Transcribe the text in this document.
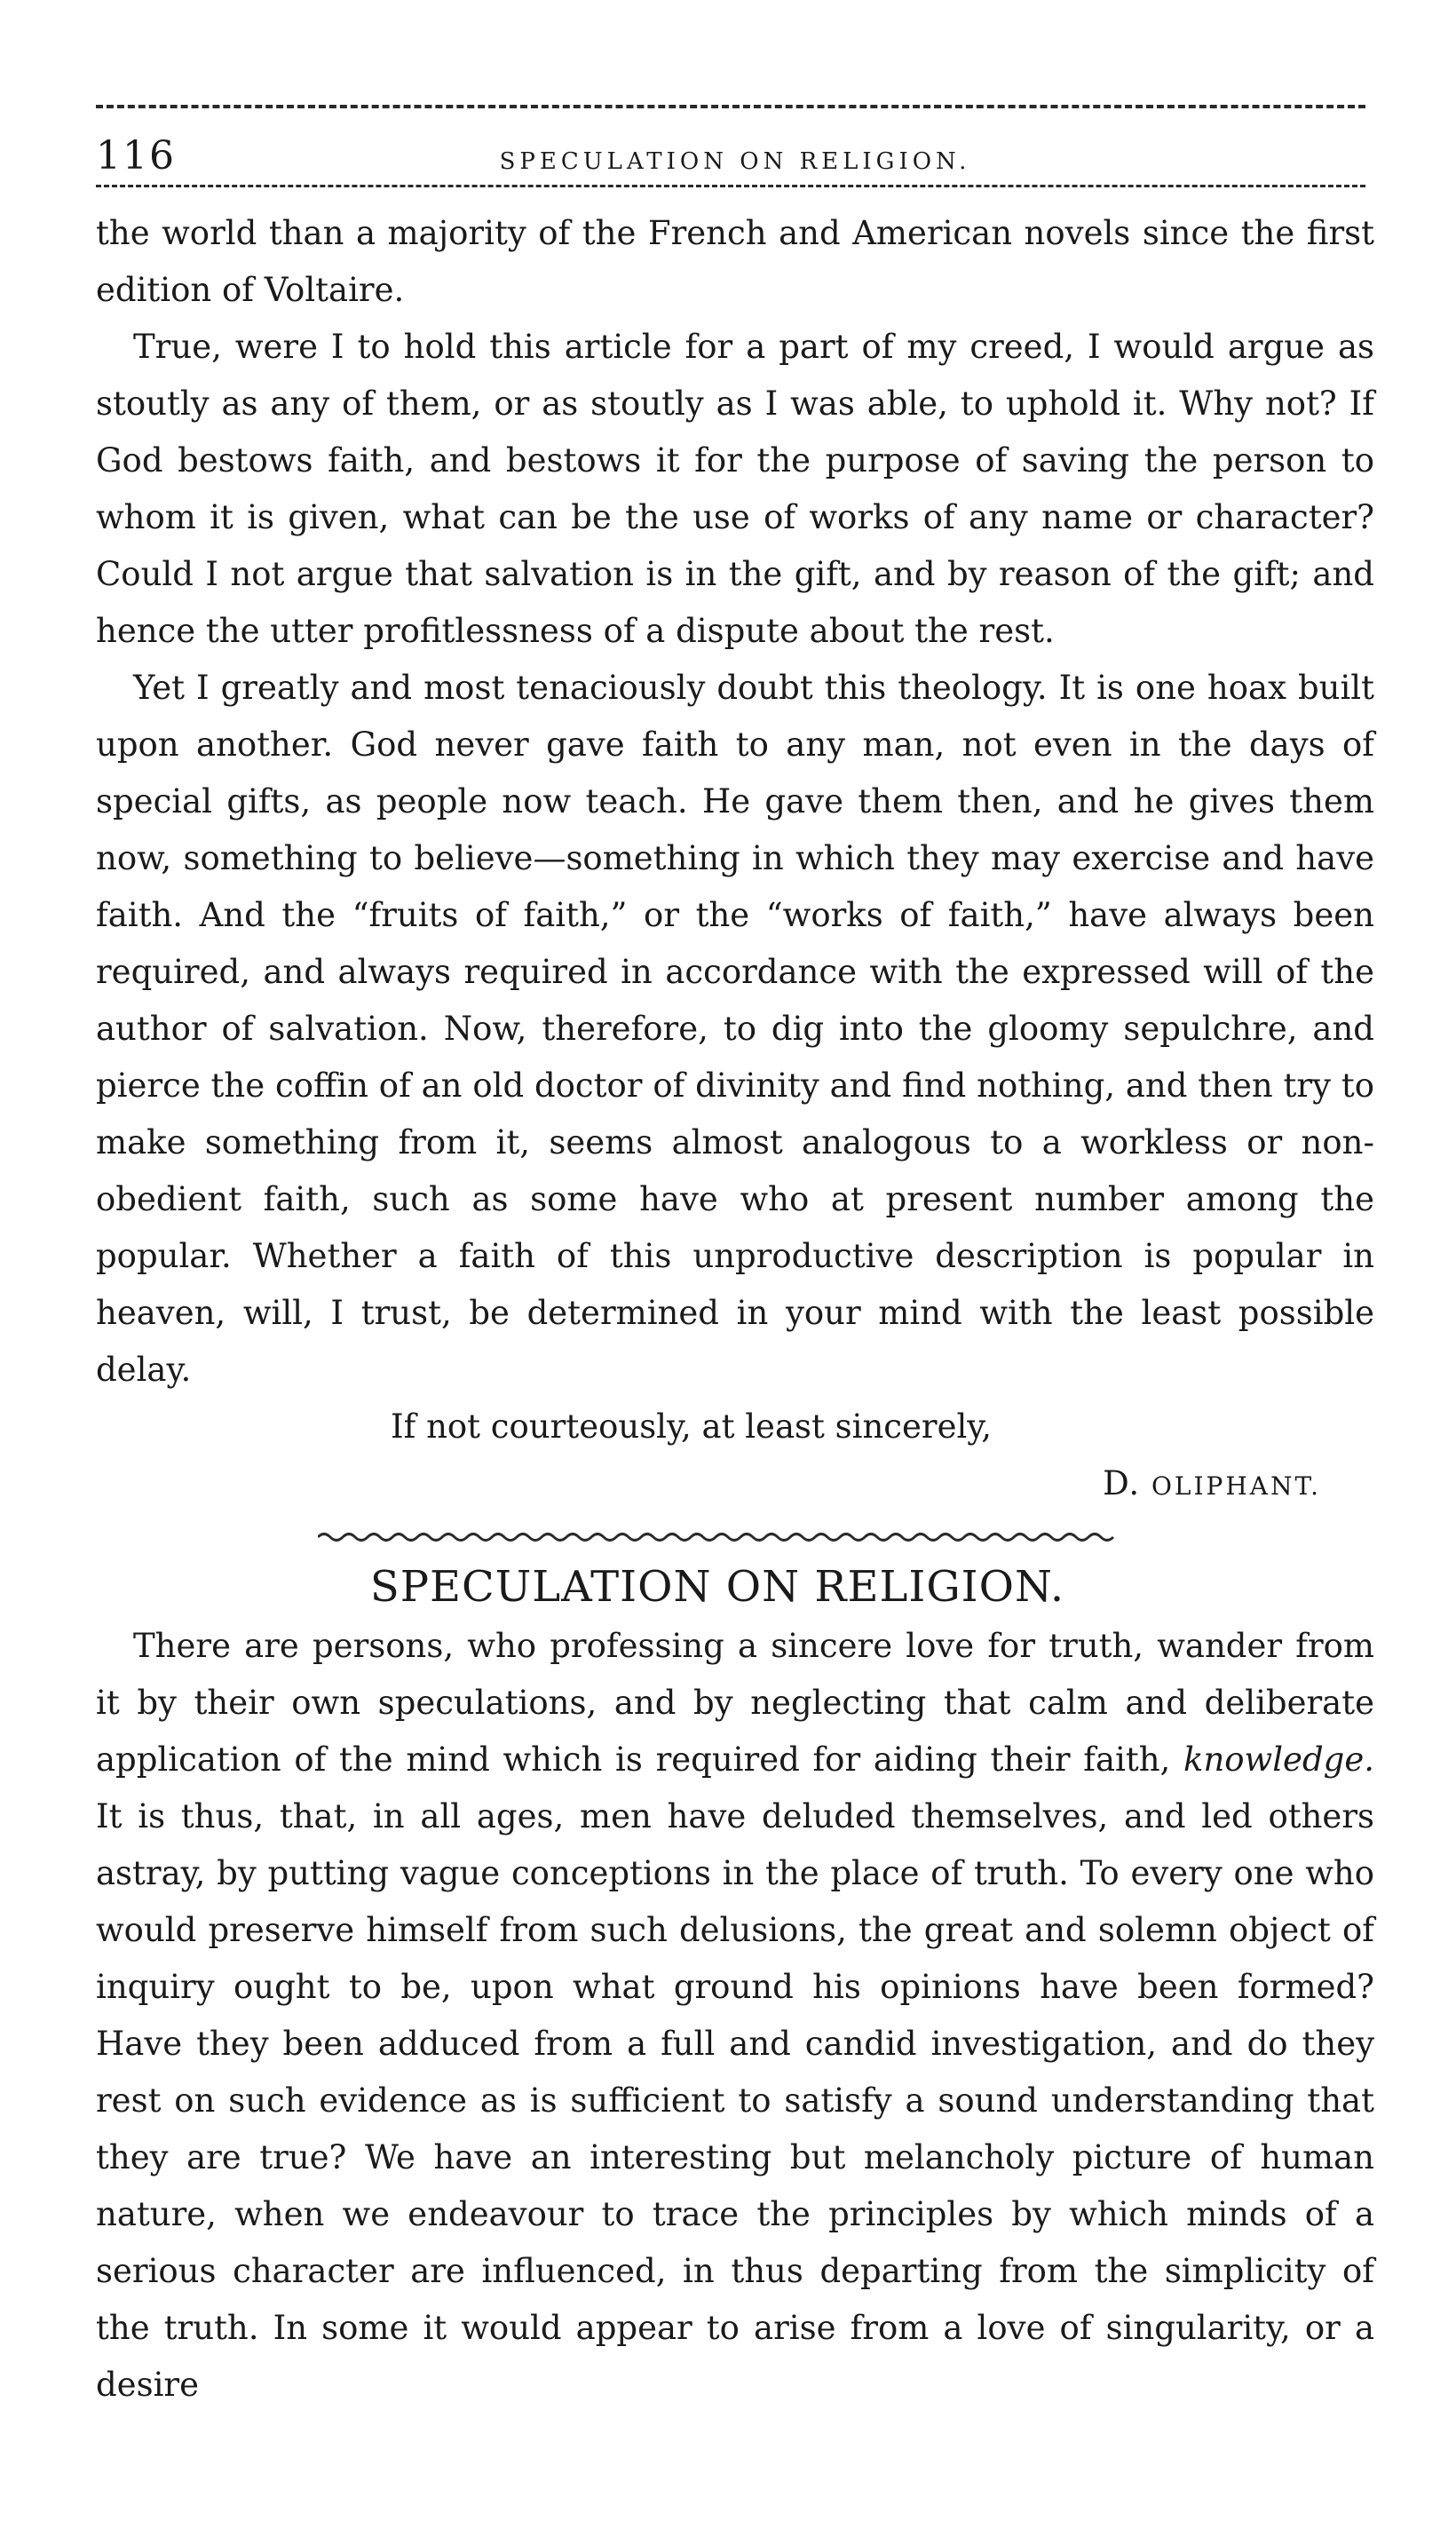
116	SPECULATION ON RELIGION.

the world than a majority of the French and American novels since the first edition of Voltaire.

True, were I to hold this article for a part of my creed, I would argue as stoutly as any of them, or as stoutly as I was able, to uphold it. Why not? If God bestows faith, and bestows it for the purpose of saving the person to whom it is given, what can be the use of works of any name or character? Could I not argue that salvation is in the gift, and by reason of the gift; and hence the utter profitlessness of a dispute about the rest.

Yet I greatly and most tenaciously doubt this theology. It is one hoax built upon another. God never gave faith to any man, not even in the days of special gifts, as people now teach. He gave them then, and he gives them now, something to believe—something in which they may exercise and have faith. And the “fruits of faith,” or the “works of faith,” have always been required, and always required in accordance with the expressed will of the author of salvation. Now, therefore, to dig into the gloomy sepulchre, and pierce the coffin of an old doctor of divinity and find nothing, and then try to make something from it, seems almost analogous to a workless or non-obedient faith, such as some have who at present number among the popular. Whether a faith of this unproductive description is popular in heaven, will, I trust, be determined in your mind with the least possible delay.

If not courteously, at least sincerely,
D. OLIPHANT.
SPECULATION ON RELIGION.

There are persons, who professing a sincere love for truth, wander from it by their own speculations, and by neglecting that calm and deliberate application of the mind which is required for aiding their faith, knowledge. It is thus, that, in all ages, men have deluded themselves, and led others astray, by putting vague conceptions in the place of truth. To every one who would preserve himself from such delusions, the great and solemn object of inquiry ought to be, upon what ground his opinions have been formed? Have they been adduced from a full and candid investigation, and do they rest on such evidence as is sufficient to satisfy a sound understanding that they are true? We have an interesting but melancholy picture of human nature, when we endeavour to trace the principles by which minds of a serious character are influenced, in thus departing from the simplicity of the truth. In some it would appear to arise from a love of singularity, or a desire
